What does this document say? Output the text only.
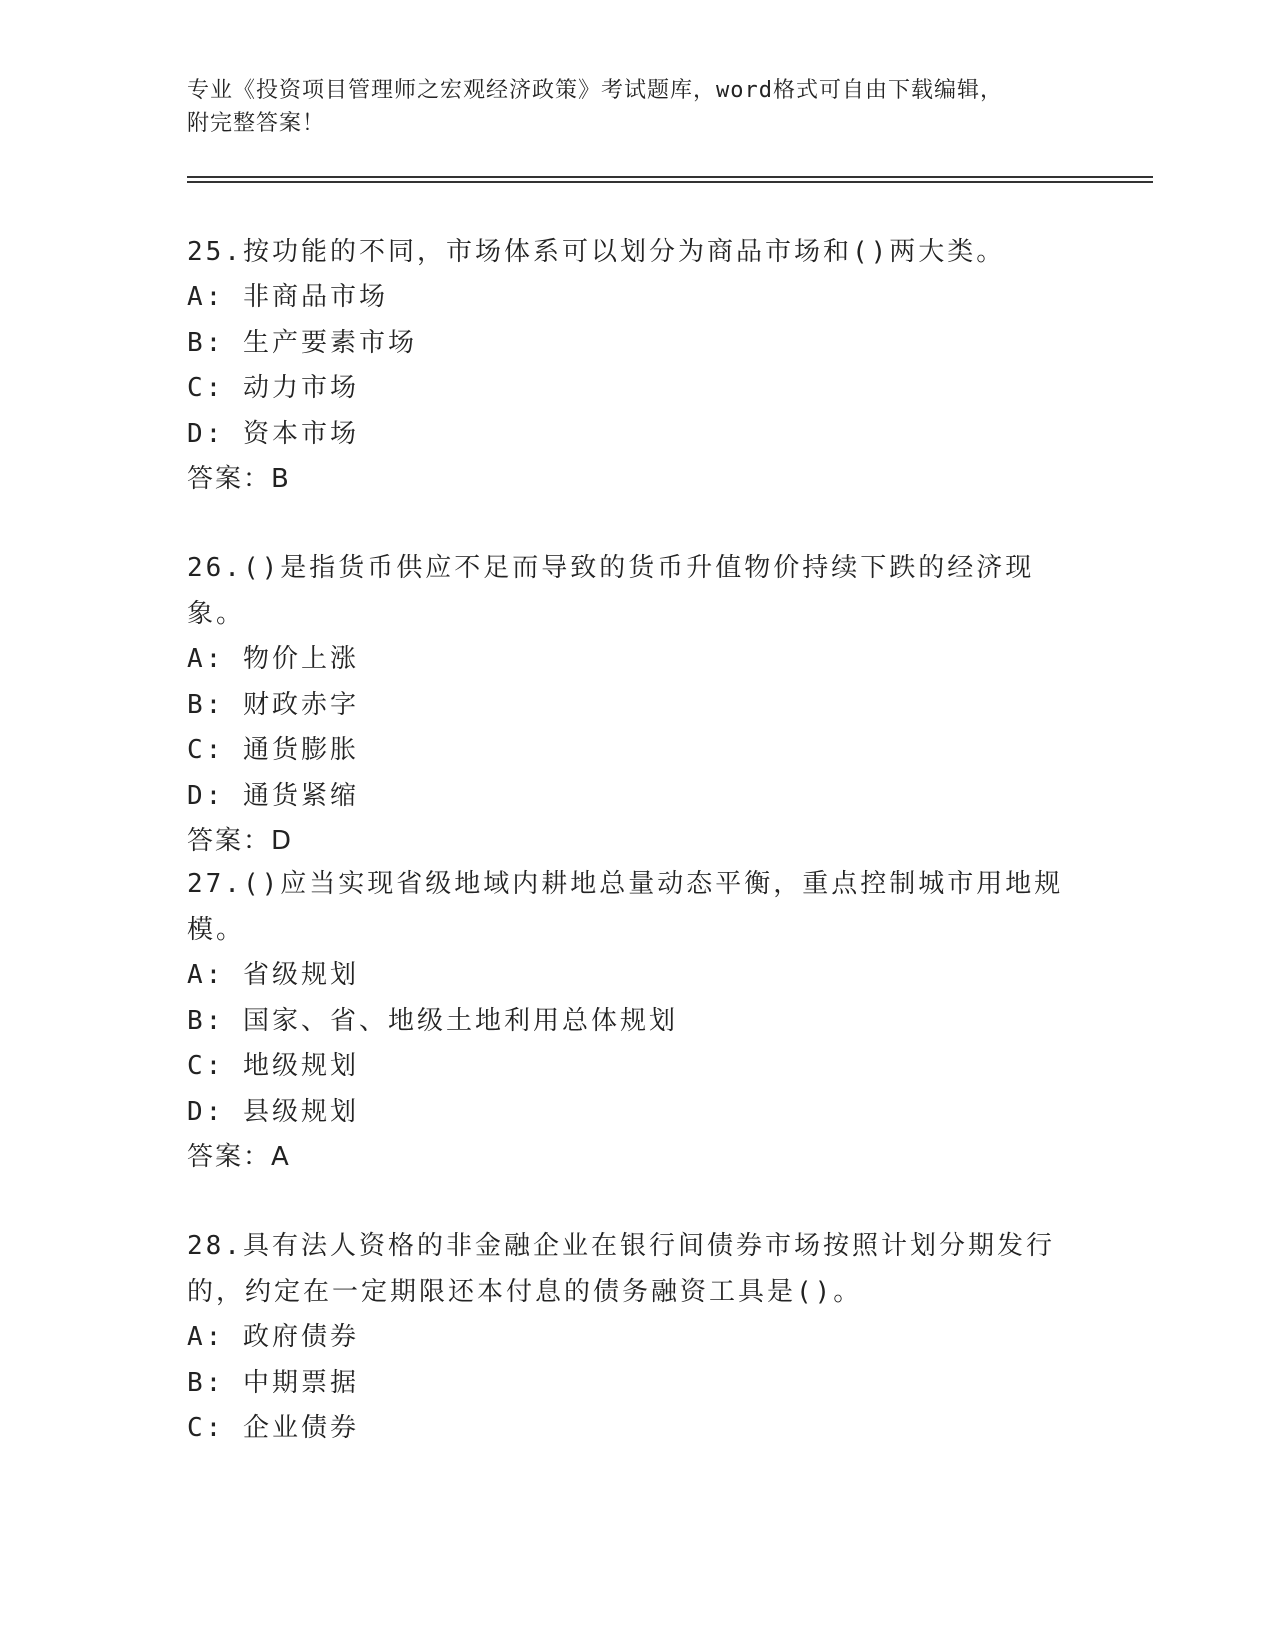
专业《投资项目管理师之宏观经济政策》考试题库，word格式可自由下载编辑，
附完整答案！
25.按功能的不同，市场体系可以划分为商品市场和()两大类。
A: 非商品市场
B: 生产要素市场
C: 动力市场
D: 资本市场
答案：B
26.()是指货币供应不足而导致的货币升值物价持续下跌的经济现象。
A: 物价上涨
B: 财政赤字
C: 通货膨胀
D: 通货紧缩
答案：D
27.()应当实现省级地域内耕地总量动态平衡，重点控制城市用地规模。
A: 省级规划
B: 国家、省、地级土地利用总体规划
C: 地级规划
D: 县级规划
答案：A
28.具有法人资格的非金融企业在银行间债券市场按照计划分期发行的，约定在一定期限还本付息的债务融资工具是()。
A: 政府债券
B: 中期票据
C: 企业债券
